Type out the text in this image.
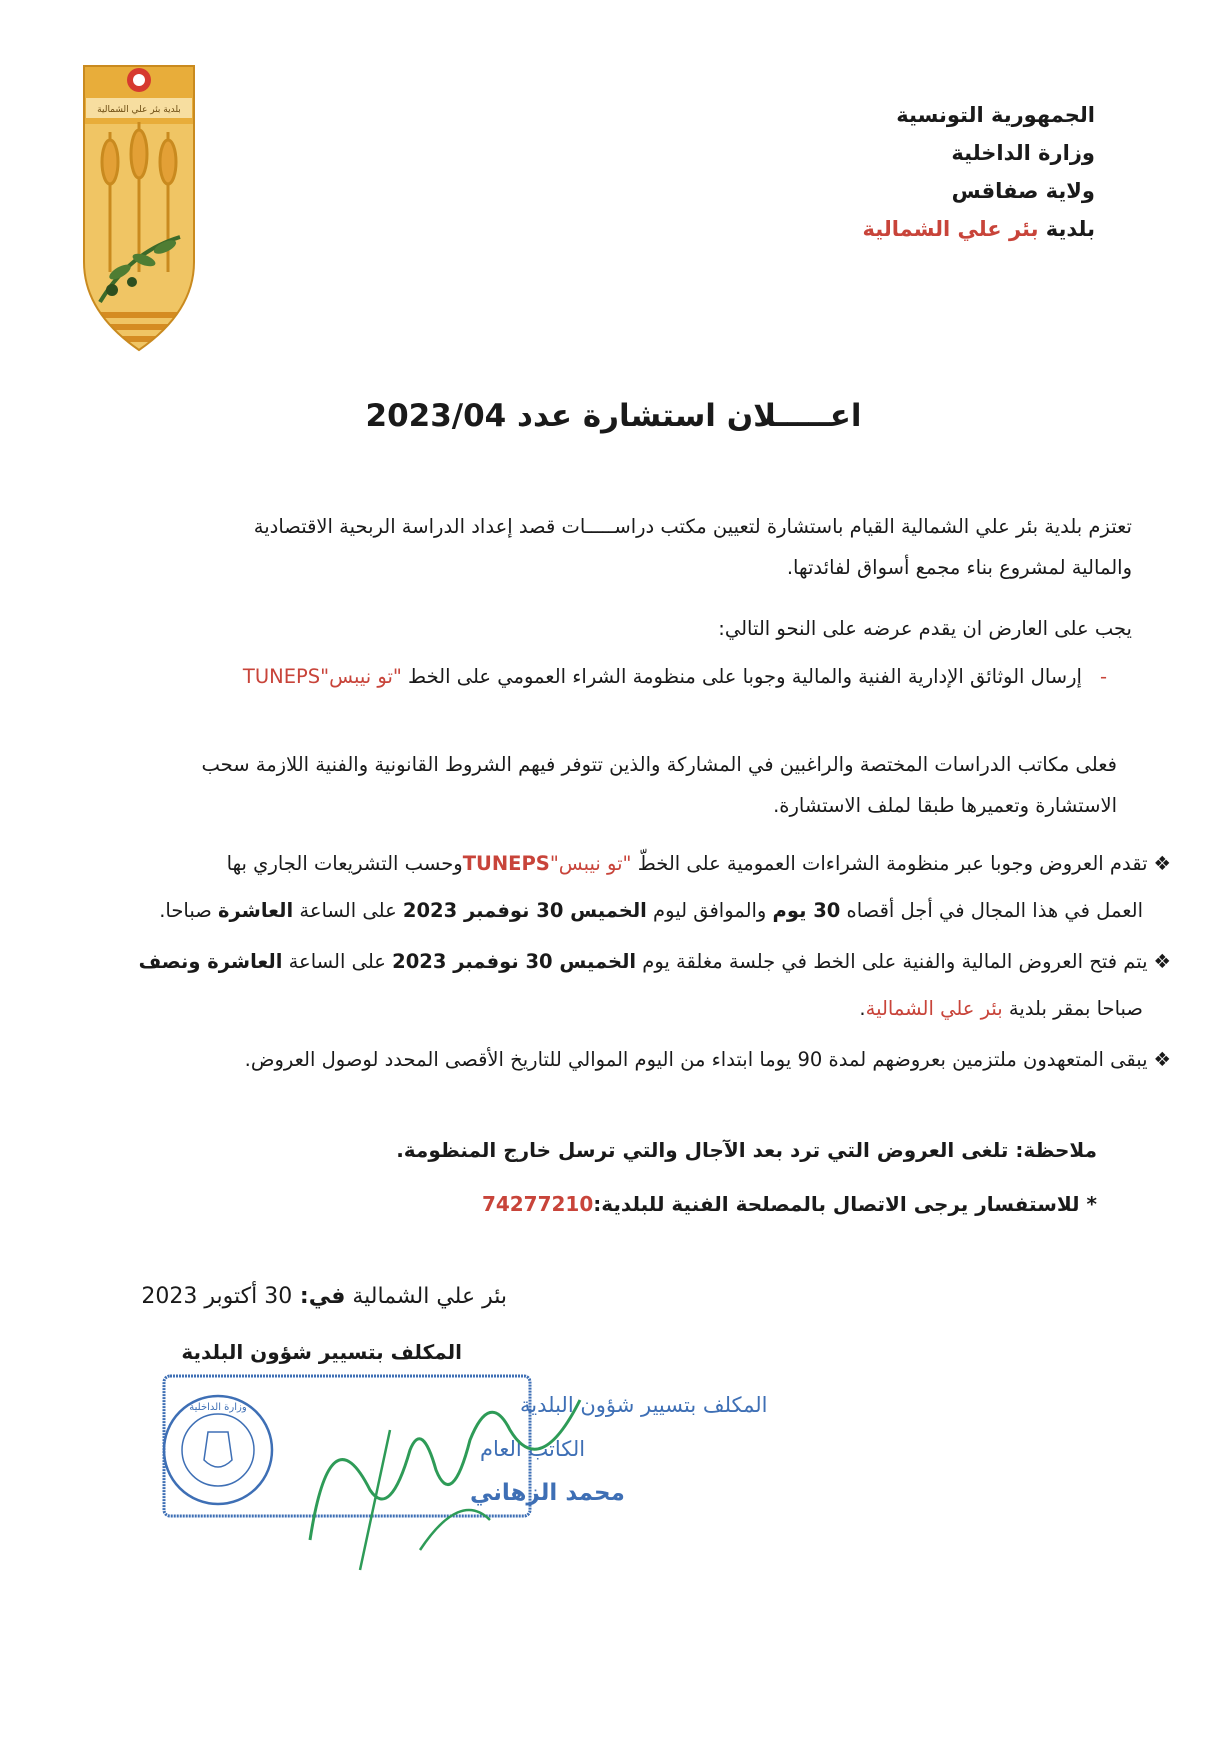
بلدية بئر علي الشمالية	الجمهورية التونسية
وزارة الداخلية
ولاية صفاقس
بلدية بئر علي الشمالية
اعـــــلان استشارة عدد 2023/04
تعتزم بلدية بئر علي الشمالية القيام باستشارة لتعيين مكتب دراســـــات قصد إعداد الدراسة الربحية الاقتصادية
والمالية لمشروع بناء مجمع أسواق لفائدتها.
يجب على العارض ان يقدم عرضه على النحو التالي:
-إرسال الوثائق الإدارية الفنية والمالية وجوبا على منظومة الشراء العمومي على الخط "تو نيبس"TUNEPS
فعلى مكاتب الدراسات المختصة والراغبين في المشاركة والذين تتوفر فيهم الشروط القانونية والفنية اللازمة سحب
الاستشارة وتعميرها طبقا لملف الاستشارة.
❖تقدم العروض وجوبا عبر منظومة الشراءات العمومية على الخطّ "تو نيبس"TUNEPSوحسب التشريعات الجاري بها
العمل في هذا المجال في أجل أقصاه 30 يوم والموافق ليوم الخميس 30 نوفمبر 2023 على الساعة العاشرة صباحا.
❖يتم فتح العروض المالية والفنية على الخط في جلسة مغلقة يوم الخميس 30 نوفمبر 2023 على الساعة العاشرة ونصف
صباحا بمقر بلدية بئر علي الشمالية.
❖يبقى المتعهدون ملتزمين بعروضهم لمدة 90 يوما ابتداء من اليوم الموالي للتاريخ الأقصى المحدد لوصول العروض.
ملاحظة: تلغى العروض التي ترد بعد الآجال والتي ترسل خارج المنظومة.
* للاستفسار يرجى الاتصال بالمصلحة الفنية للبلدية:74277210
بئر علي الشمالية في: 30 أكتوبر 2023
المكلف بتسيير شؤون البلدية
المكلف بتسيير شؤون البلدية
الكاتب العام
محمد الزهاني
وزارة الداخلية
